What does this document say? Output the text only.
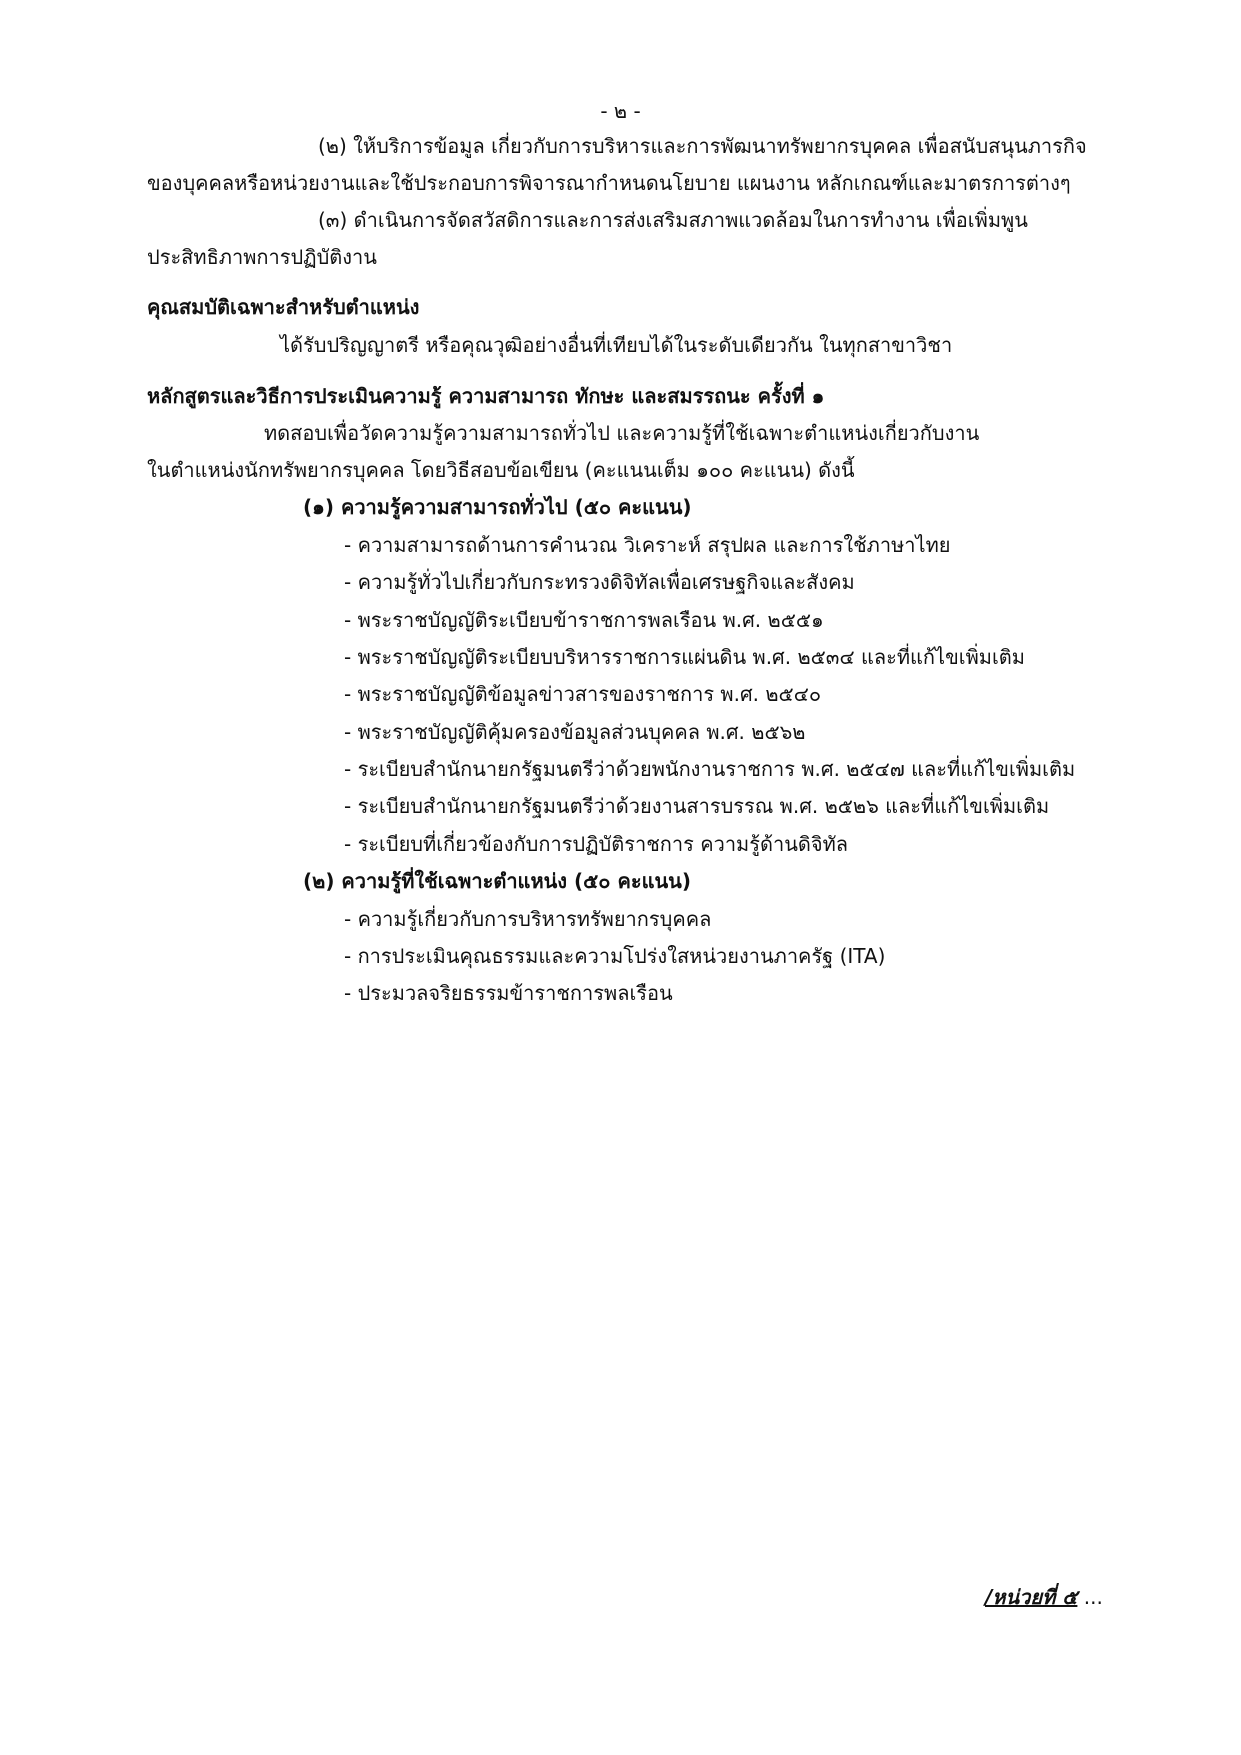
- ๒ -
(๒) ให้บริการข้อมูล เกี่ยวกับการบริหารและการพัฒนาทรัพยากรบุคคล เพื่อสนับสนุนภารกิจ
ของบุคคลหรือหน่วยงานและใช้ประกอบการพิจารณากำหนดนโยบาย แผนงาน หลักเกณฑ์และมาตรการต่างๆ
(๓) ดำเนินการจัดสวัสดิการและการส่งเสริมสภาพแวดล้อมในการทำงาน เพื่อเพิ่มพูน
ประสิทธิภาพการปฏิบัติงาน
คุณสมบัติเฉพาะสำหรับตำแหน่ง
ได้รับปริญญาตรี หรือคุณวุฒิอย่างอื่นที่เทียบได้ในระดับเดียวกัน ในทุกสาขาวิชา
หลักสูตรและวิธีการประเมินความรู้ ความสามารถ ทักษะ และสมรรถนะ ครั้งที่ ๑
ทดสอบเพื่อวัดความรู้ความสามารถทั่วไป และความรู้ที่ใช้เฉพาะตำแหน่งเกี่ยวกับงาน
ในตำแหน่งนักทรัพยากรบุคคล โดยวิธีสอบข้อเขียน (คะแนนเต็ม ๑๐๐ คะแนน) ดังนี้
(๑) ความรู้ความสามารถทั่วไป (๕๐ คะแนน)
- ความสามารถด้านการคำนวณ วิเคราะห์ สรุปผล และการใช้ภาษาไทย
- ความรู้ทั่วไปเกี่ยวกับกระทรวงดิจิทัลเพื่อเศรษฐกิจและสังคม
- พระราชบัญญัติระเบียบข้าราชการพลเรือน พ.ศ. ๒๕๕๑
- พระราชบัญญัติระเบียบบริหารราชการแผ่นดิน พ.ศ. ๒๕๓๔ และที่แก้ไขเพิ่มเติม
- พระราชบัญญัติข้อมูลข่าวสารของราชการ พ.ศ. ๒๕๔๐
- พระราชบัญญัติคุ้มครองข้อมูลส่วนบุคคล พ.ศ. ๒๕๖๒
- ระเบียบสำนักนายกรัฐมนตรีว่าด้วยพนักงานราชการ พ.ศ. ๒๕๔๗ และที่แก้ไขเพิ่มเติม
- ระเบียบสำนักนายกรัฐมนตรีว่าด้วยงานสารบรรณ พ.ศ. ๒๕๒๖ และที่แก้ไขเพิ่มเติม
- ระเบียบที่เกี่ยวข้องกับการปฏิบัติราชการ ความรู้ด้านดิจิทัล
(๒) ความรู้ที่ใช้เฉพาะตำแหน่ง (๕๐ คะแนน)
- ความรู้เกี่ยวกับการบริหารทรัพยากรบุคคล
- การประเมินคุณธรรมและความโปร่งใสหน่วยงานภาครัฐ (ITA)
- ประมวลจริยธรรมข้าราชการพลเรือน
/หน่วยที่ ๕ ...
